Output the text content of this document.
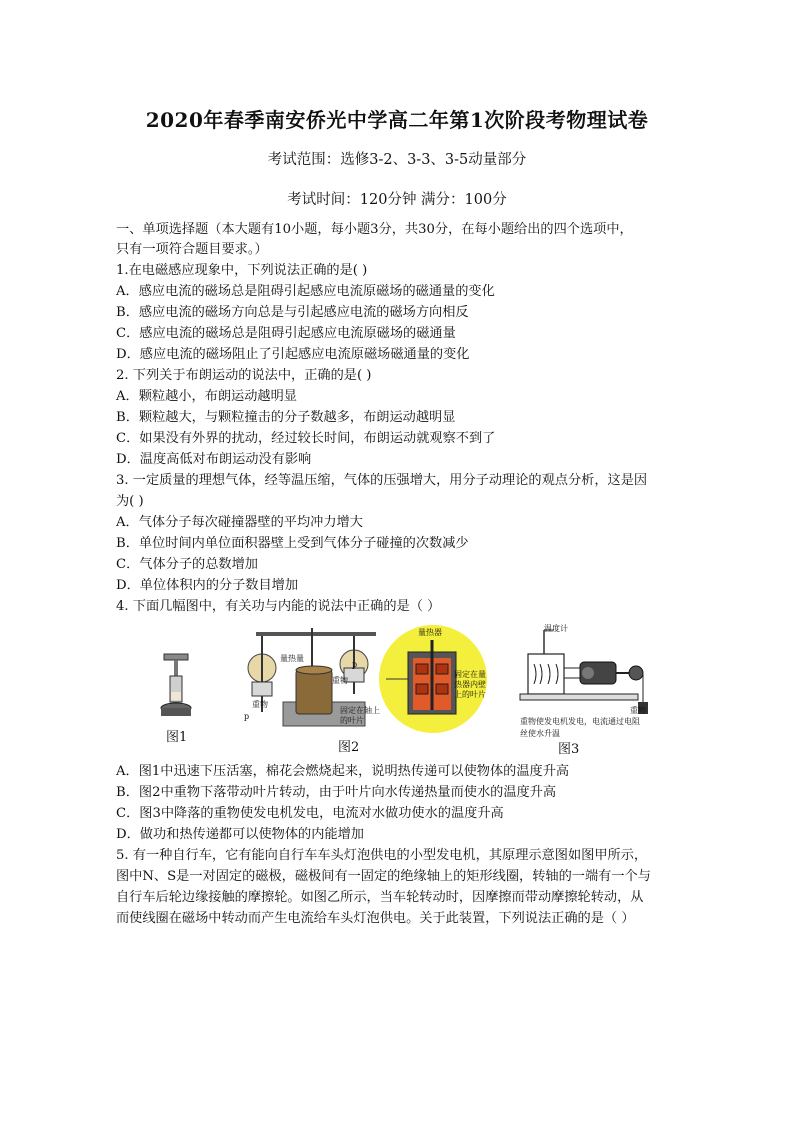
2020年春季南安侨光中学高二年第1次阶段考物理试卷
考试范围：选修3-2、3-3、3-5动量部分
考试时间：120分钟 满分：100分
一、单项选择题（本大题有10小题，每小题3分，共30分，在每小题给出的四个选项中，
只有一项符合题目要求。）
1.在电磁感应现象中，下列说法正确的是( )
A．感应电流的磁场总是阻碍引起感应电流原磁场的磁通量的变化
B．感应电流的磁场方向总是与引起感应电流的磁场方向相反
C．感应电流的磁场总是阻碍引起感应电流原磁场的磁通量
D．感应电流的磁场阻止了引起感应电流原磁场磁通量的变化
2. 下列关于布朗运动的说法中，正确的是( )
A．颗粒越小，布朗运动越明显
B．颗粒越大，与颗粒撞击的分子数越多，布朗运动越明显
C．如果没有外界的扰动，经过较长时间，布朗运动就观察不到了
D．温度高低对布朗运动没有影响
3. 一定质量的理想气体，经等温压缩，气体的压强增大，用分子动理论的观点分析，这是因
为( )
A．气体分子每次碰撞器壁的平均冲力增大
B．单位时间内单位面积器壁上受到气体分子碰撞的次数减少
C．气体分子的总数增加
D．单位体积内的分子数目增加
4. 下面几幅图中，有关功与内能的说法中正确的是（ ）
图1
量热量
量热器
重物
p
重物
p
固定在轴上的叶片
固定在量热器内壁上的叶片
图2
温度计
重物
重物使发电机发电，电流通过电阻丝使水升温
图3
A．图1中迅速下压活塞，棉花会燃烧起来，说明热传递可以使物体的温度升高
B．图2中重物下落带动叶片转动，由于叶片向水传递热量而使水的温度升高
C．图3中降落的重物使发电机发电，电流对水做功使水的温度升高
D．做功和热传递都可以使物体的内能增加
5. 有一种自行车，它有能向自行车车头灯泡供电的小型发电机，其原理示意图如图甲所示，
图中N、S是一对固定的磁极，磁极间有一固定的绝缘轴上的矩形线圈，转轴的一端有一个与
自行车后轮边缘接触的摩擦轮。如图乙所示，当车轮转动时，因摩擦而带动摩擦轮转动，从
而使线圈在磁场中转动而产生电流给车头灯泡供电。关于此装置，下列说法正确的是（ ）
